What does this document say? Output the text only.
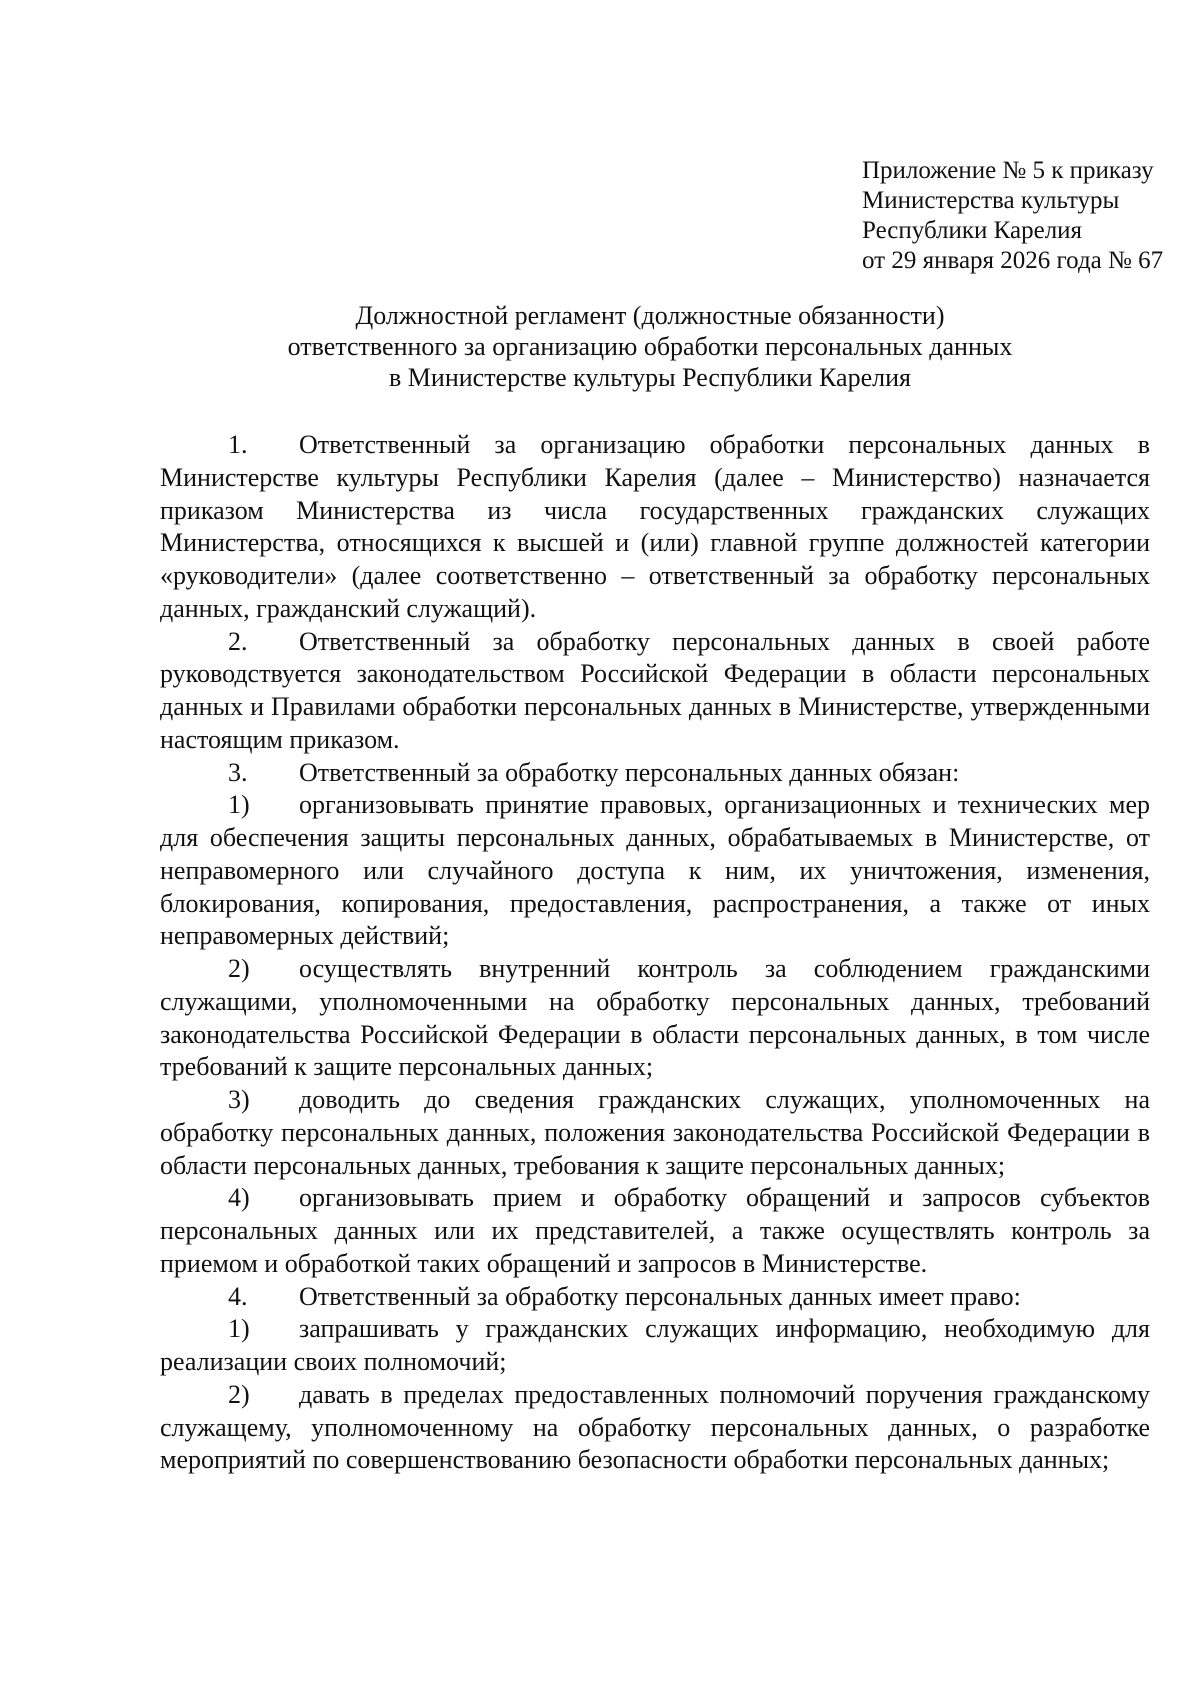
Приложение № 5 к приказу
Министерства культуры
Республики Карелия
от 29 января 2026 года № 67
Должностной регламент (должностные обязанности)
ответственного за организацию обработки персональных данных
в Министерстве культуры Республики Карелия

1. Ответственный за организацию обработки персональных данных в Министерстве культуры Республики Карелия (далее – Министерство) назначается приказом Министерства из числа государственных гражданских служащих Министерства, относящихся к высшей и (или) главной группе должностей категории «руководители» (далее соответственно – ответственный за обработку персональных данных, гражданский служащий).

2. Ответственный за обработку персональных данных в своей работе руководствуется законодательством Российской Федерации в области персональных данных и Правилами обработки персональных данных в Министерстве, утвержденными настоящим приказом.

3. Ответственный за обработку персональных данных обязан:

1) организовывать принятие правовых, организационных и технических мер для обеспечения защиты персональных данных, обрабатываемых в Министерстве, от неправомерного или случайного доступа к ним, их уничтожения, изменения, блокирования, копирования, предоставления, распространения, а также от иных неправомерных действий;

2) осуществлять внутренний контроль за соблюдением гражданскими служащими, уполномоченными на обработку персональных данных, требований законодательства Российской Федерации в области персональных данных, в том числе требований к защите персональных данных;

3) доводить до сведения гражданских служащих, уполномоченных на обработку персональных данных, положения законодательства Российской Федерации в области персональных данных, требования к защите персональных данных;

4) организовывать прием и обработку обращений и запросов субъектов персональных данных или их представителей, а также осуществлять контроль за приемом и обработкой таких обращений и запросов в Министерстве.

4. Ответственный за обработку персональных данных имеет право:

1) запрашивать у гражданских служащих информацию, необходимую для реализации своих полномочий;

2) давать в пределах предоставленных полномочий поручения гражданскому служащему, уполномоченному на обработку персональных данных, о разработке мероприятий по совершенствованию безопасности обработки персональных данных;
